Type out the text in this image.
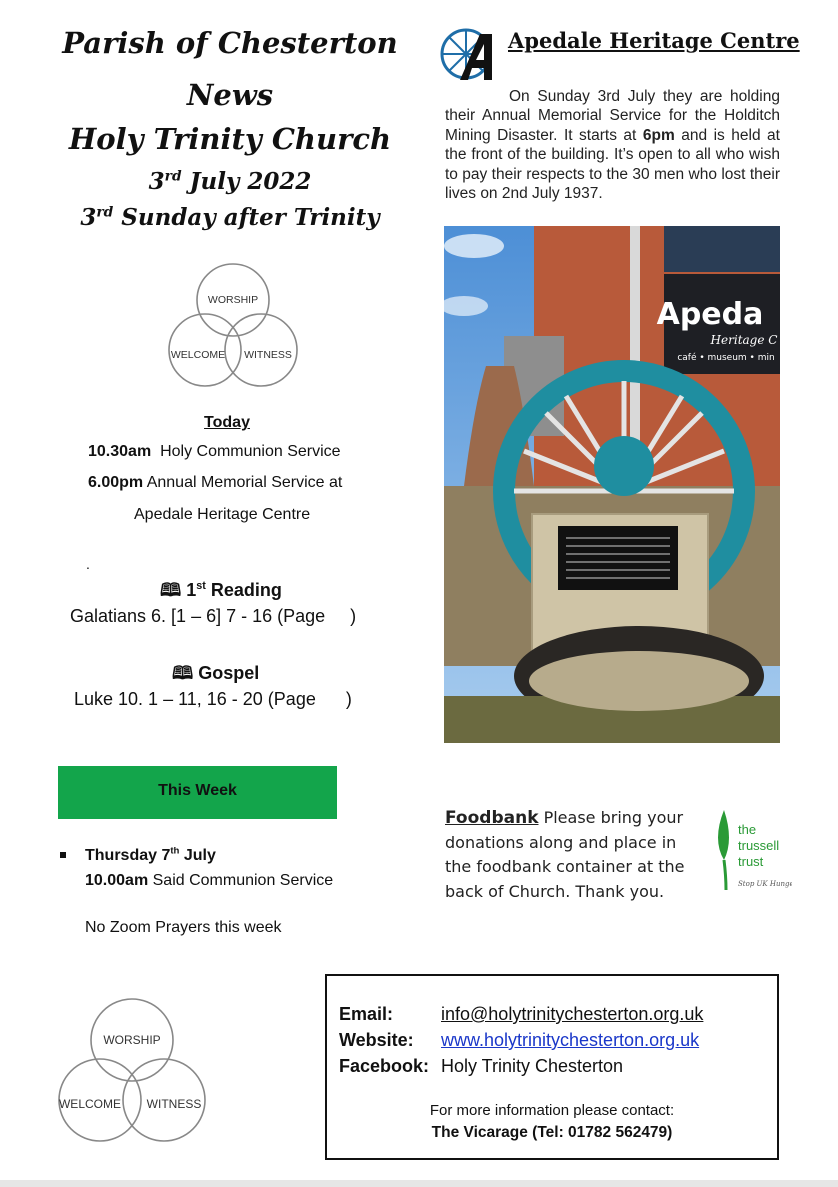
Parish of Chesterton
News
Holy Trinity Church
3rd July 2022
3rd Sunday after Trinity
WORSHIP
WELCOME WITNESS
Today
10.30am Holy Communion Service
6.00pm Annual Memorial Service at
Apedale Heritage Centre
.
🕮 1st Reading
Galatians 6. [1 – 6] 7 - 16 (Page     )
🕮 Gospel
Luke 10. 1 – 11, 16 - 20 (Page      )
This Week
Thursday 7th July
10.00am Said Communion Service
No Zoom Prayers this week
WORSHIP
WELCOME WITNESS
Apedale Heritage Centre
On Sunday 3rd July they are holding their Annual Memorial Service for the Holditch Mining Disaster. It starts at 6pm and is held at the front of the building. It’s open to all who wish to pay their respects to the 30 men who lost their lives on 2nd July 1937.
Apeda
Heritage C
café • museum • min
Foodbank Please bring your donations along and place in the foodbank container at the back of Church. Thank you.
the
trussell
trust
Stop UK Hunger
Email:	info@holytrinitychesterton.org.uk
Website: www.holytrinitychesterton.org.uk
Facebook: Holy Trinity Chesterton
For more information please contact:
The Vicarage (Tel: 01782 562479)
